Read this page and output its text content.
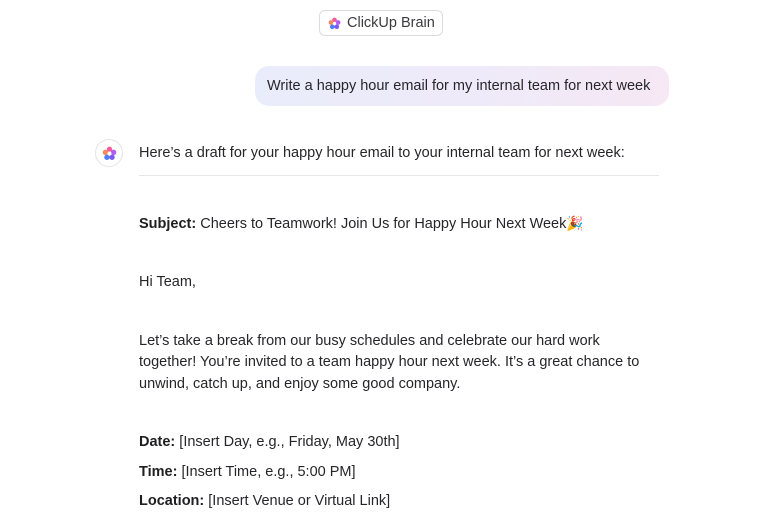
ClickUp Brain
Write a happy hour email for my internal team for next week

Here’s a draft for your happy hour email to your internal team for next week:

Subject: Cheers to Teamwork! Join Us for Happy Hour Next Week🎉

Hi Team,

Let’s take a break from our busy schedules and celebrate our hard work together! You’re invited to a team happy hour next week. It’s a great chance to unwind, catch up, and enjoy some good company.

Date: [Insert Day, e.g., Friday, May 30th]

Time: [Insert Time, e.g., 5:00 PM]

Location: [Insert Venue or Virtual Link]
